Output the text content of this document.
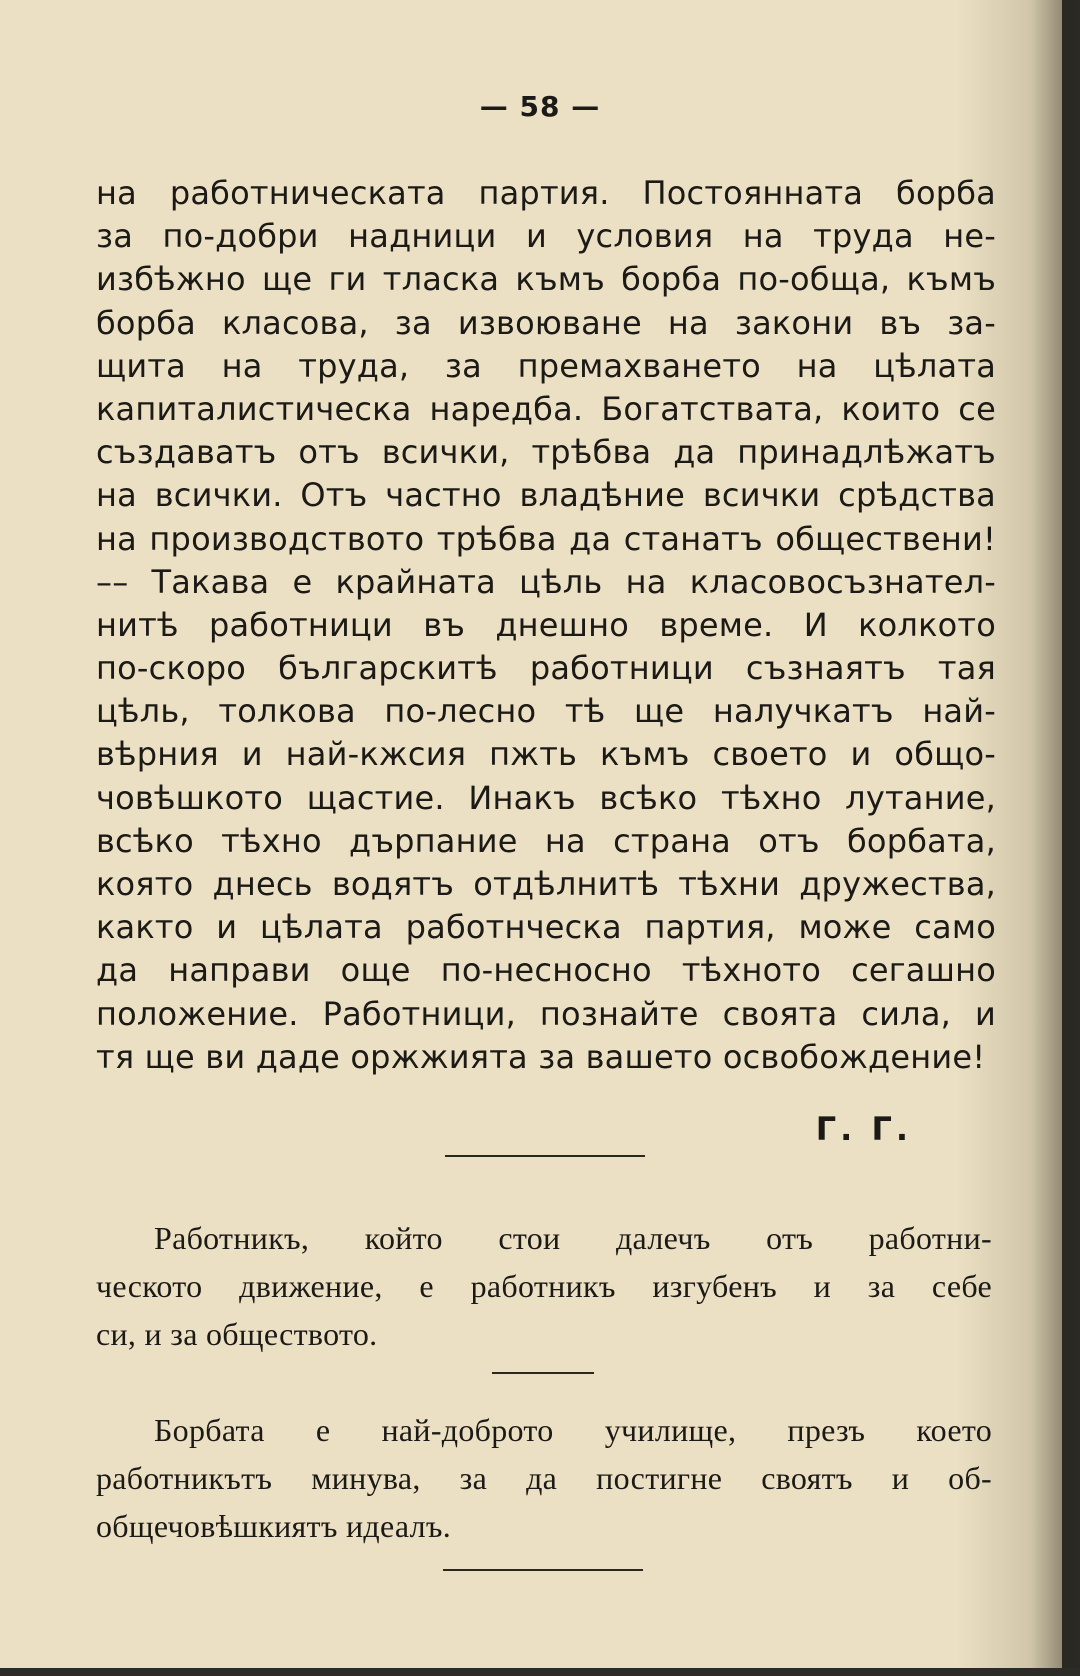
— 58 —
на работническата партия. Постоянната борба
за по-добри надници и условия на труда не-
избѣжно ще ги тласка къмъ борба по-обща, къмъ
борба класова, за извоюване на закони въ за-
щита на труда, за премахването на цѣлата
капиталистическа наредба. Богатствата, които се
създаватъ отъ всички, трѣбва да принадлѣжатъ
на всички. Отъ частно владѣние всички срѣдства
на производството трѣбва да станатъ обществени!
–– Такава е крайната цѣль на класовосъзнател-
нитѣ работници въ днешно време. И колкото
по-скоро българскитѣ работници съзнаятъ тая
цѣль, толкова по-лесно тѣ ще налучкатъ най-
вѣрния и най-кжсия пжть къмъ своето и общо-
човѣшкото щастие. Инакъ всѣко тѣхно лутание,
всѣко тѣхно дърпание на страна отъ борбата,
която днесь водятъ отдѣлнитѣ тѣхни дружества,
както и цѣлата работнческа партия, може само
да направи още по-несносно тѣхното сегашно
положение. Работници, познайте своята сила, и
тя ще ви даде оржжията за вашето освобождение!
Г. Г.
Работникъ, който стои далечъ отъ работни-
ческото движение, е работникъ изгубенъ и за себе
си, и за обществото.
Борбата е най-доброто училище, презъ което
работникътъ минува, за да постигне своятъ и об-
общечовѣшкиятъ идеалъ.
